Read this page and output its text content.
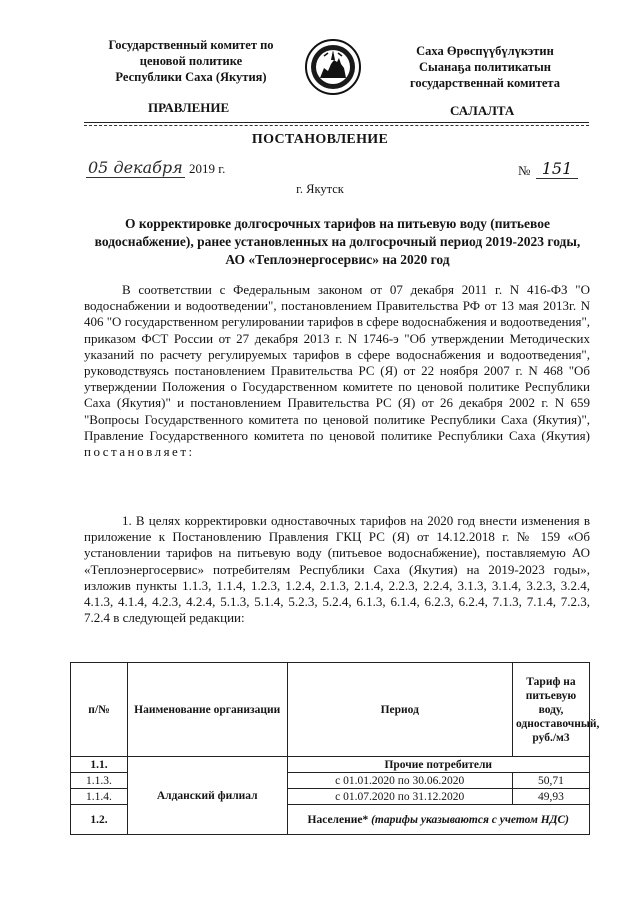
Государственный комитет по
ценовой политике
Республики Саха (Якутия)
Саха Өрөспүүбүлүкэтин
Сыанаҕа политикатын
государственнай комитета
ПРАВЛЕНИЕ	САЛАЛТА
ПОСТАНОВЛЕНИЕ
05 декабря 2019 г.	№ 151
г. Якутск
О корректировке долгосрочных тарифов на питьевую воду (питьевое водоснабжение), ранее установленных на долгосрочный период 2019-2023 годы, АО «Теплоэнергосервис» на 2020 год
В соответствии с Федеральным законом от 07 декабря 2011 г. N 416-ФЗ "О водоснабжении и водоотведении", постановлением Правительства РФ от 13 мая 2013г. N 406 "О государственном регулировании тарифов в сфере водоснабжения и водоотведения", приказом ФСТ России от 27 декабря 2013 г. N 1746-э "Об утверждении Методических указаний по расчету регулируемых тарифов в сфере водоснабжения и водоотведения", руководствуясь постановлением Правительства РС (Я) от 22 ноября 2007 г. N 468 "Об утверждении Положения о Государственном комитете по ценовой политике Республики Саха (Якутия)" и постановлением Правительства РС (Я) от 26 декабря 2002 г. N 659 "Вопросы Государственного комитета по ценовой политике Республики Саха (Якутия)", Правление Государственного комитета по ценовой политике Республики Саха (Якутия) постановляет:
1. В целях корректировки одноставочных тарифов на 2020 год внести изменения в приложение к Постановлению Правления ГКЦ РС (Я) от 14.12.2018 г. № 159 «Об установлении тарифов на питьевую воду (питьевое водоснабжение), поставляемую АО «Теплоэнергосервис» потребителям Республики Саха (Якутия) на 2019-2023 годы», изложив пункты 1.1.3, 1.1.4, 1.2.3, 1.2.4, 2.1.3, 2.1.4, 2.2.3, 2.2.4, 3.1.3, 3.1.4, 3.2.3, 3.2.4, 4.1.3, 4.1.4, 4.2.3, 4.2.4, 5.1.3, 5.1.4, 5.2.3, 5.2.4, 6.1.3, 6.1.4, 6.2.3, 6.2.4, 7.1.3, 7.1.4, 7.2.3, 7.2.4 в следующей редакции:
п/№	Наименование организации	Период	Тариф на питьевую воду, одноставочный, руб./м3
1.1.	Алданский филиал	Прочие потребители	
1.1.3.		с 01.01.2020 по 30.06.2020	50,71
1.1.4.		с 01.07.2020 по 31.12.2020	49,93
1.2.		Население* (тарифы указываются с учетом НДС)	
